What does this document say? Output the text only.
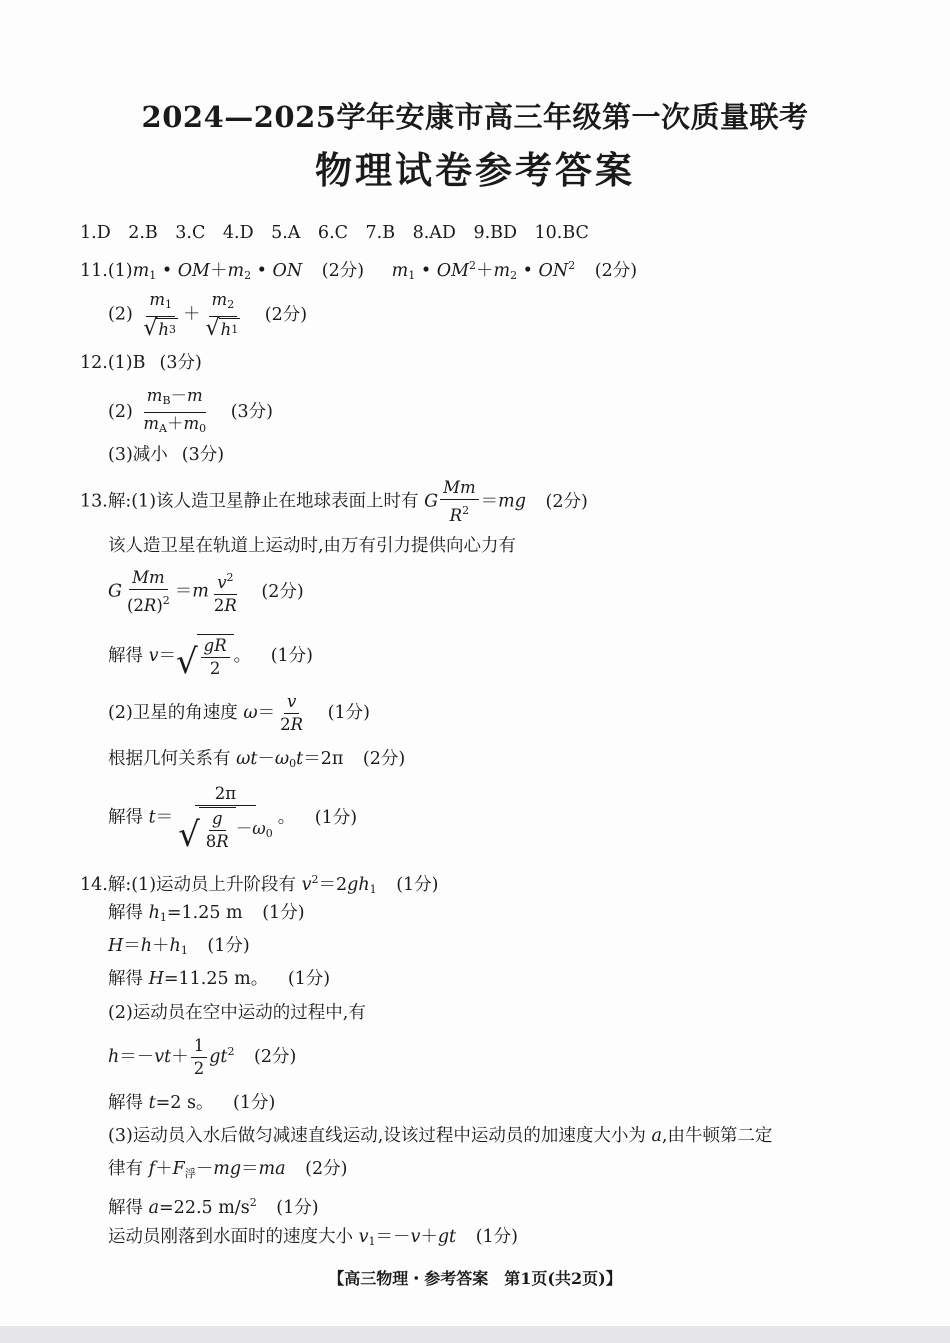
2024—2025学年安康市高三年级第一次质量联考
物理试卷参考答案
1.D　2.B　3.C　4.D　5.A　6.C　7.B　8.AD　9.BD　10.BC
$11.(1)m_1$ • $OM+m_2$ • ON (2分) $m_1$ • $OM^2+m_2$ • $ON^2$ (2分)
$(2) \frac{m_1}{√ h 3} + \frac{m_2}{√ h 1} (2$分)
12.(1)B (3分)
$(2) \frac{m_B-m}{m_A+m_0} (3$分)
(3)减小 (3分)
13.解:(1)该人造卫星静止在地球表面上时有 G $\frac{Mm}{R^2} =mg$ (2分)
该人造卫星在轨道上运动时,由万有引力提供向心力有
G $\frac{Mm}{(2R)^2} =m \frac{v^2}{2R} (2$分)
解得 v＝ √ $\frac{gR}{2}$ 。 (1分)
(2)卫星的角速度 $\omega= \frac{v}{2R} (1$分)
根据几何关系有 $\omega t-\omega_0t=2\pi$ (2分)
解得 $t= \frac{2\pi}{√ \frac{g}{8R} -\omega_0}$ 。 (1分)
14.解:(1)运动员上升阶段有 $v^2=2gh_1$ (1分)
解得 $h_1=1.25$ m (1分)
$H=h+h_1$ (1分)
解得 H=11.25 m。 (1分)
(2)运动员在空中运动的过程中,有
$h=-vt+ \frac{1}{2} gt^2$ (2分)
解得 t=2 s。 (1分)
(3)运动员入水后做匀减速直线运动,设该过程中运动员的加速度大小为 a,由牛顿第二定
律有 $f+F_浮-mg=ma$ (2分)
解得 a=22.5 $m/s^2$ (1分)
运动员刚落到水面时的速度大小 $v_1=-v+gt$ (1分)
【高三物理・参考答案　第1页(共2页)】
